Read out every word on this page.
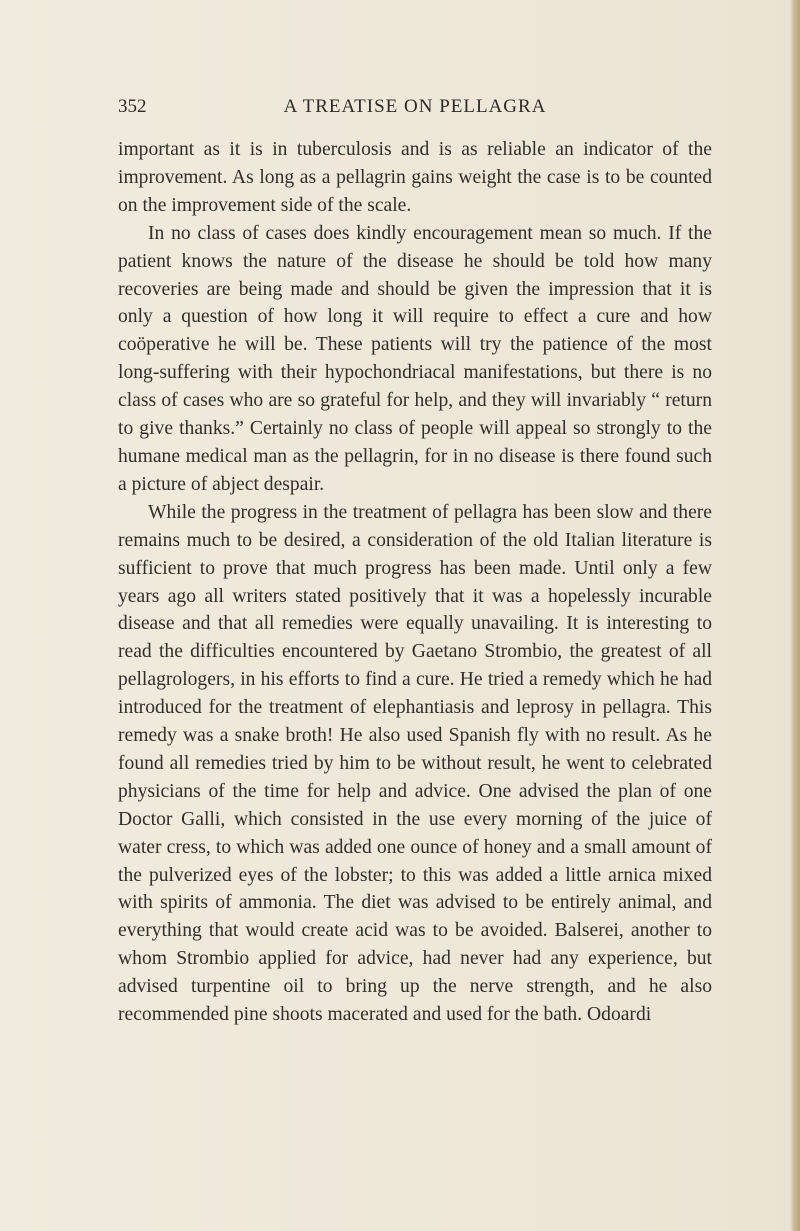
352	A TREATISE ON PELLAGRA

important as it is in tuberculosis and is as reliable an indicator of the improvement. As long as a pellagrin gains weight the case is to be counted on the improvement side of the scale.

In no class of cases does kindly encouragement mean so much. If the patient knows the nature of the disease he should be told how many recoveries are being made and should be given the impression that it is only a question of how long it will require to effect a cure and how coöperative he will be. These patients will try the patience of the most long-suffering with their hypochondriacal manifestations, but there is no class of cases who are so grateful for help, and they will invariably “ return to give thanks.” Certainly no class of people will appeal so strongly to the humane medical man as the pellagrin, for in no disease is there found such a picture of abject despair.

While the progress in the treatment of pellagra has been slow and there remains much to be desired, a consideration of the old Italian literature is sufficient to prove that much progress has been made. Until only a few years ago all writers stated positively that it was a hopelessly incurable disease and that all remedies were equally unavailing. It is interesting to read the difficulties encountered by Gaetano Strombio, the greatest of all pellagrologers, in his efforts to find a cure. He tried a remedy which he had introduced for the treatment of elephantiasis and leprosy in pellagra. This remedy was a snake broth! He also used Spanish fly with no result. As he found all remedies tried by him to be without result, he went to celebrated physicians of the time for help and advice. One advised the plan of one Doctor Galli, which consisted in the use every morning of the juice of water cress, to which was added one ounce of honey and a small amount of the pulverized eyes of the lobster; to this was added a little arnica mixed with spirits of ammonia. The diet was advised to be entirely animal, and everything that would create acid was to be avoided. Balserei, another to whom Strombio applied for advice, had never had any experience, but advised turpentine oil to bring up the nerve strength, and he also recommended pine shoots macerated and used for the bath. Odoardi
